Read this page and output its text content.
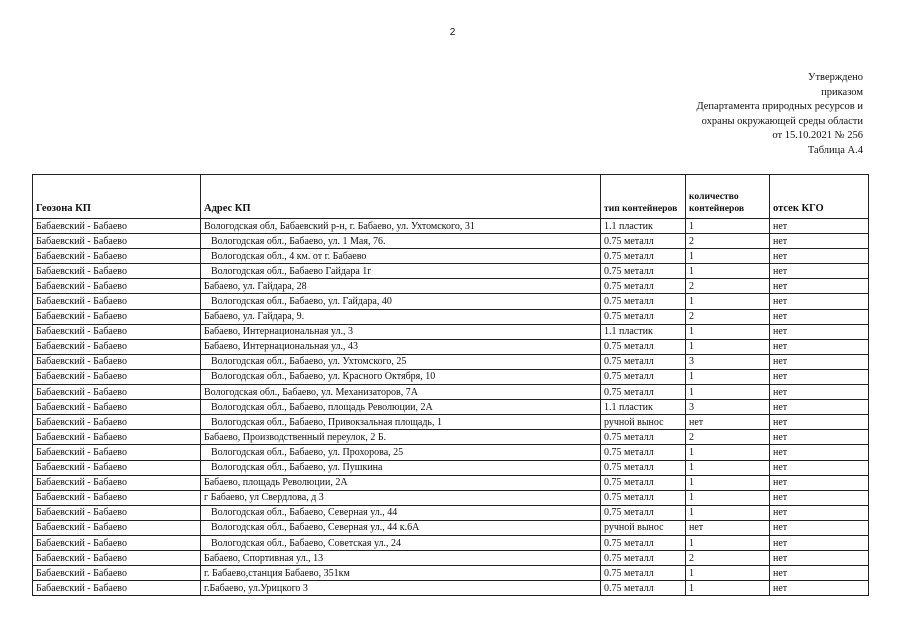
2
Утверждено
приказом
Департамента природных ресурсов и
охраны окружающей среды области
от 15.10.2021 № 256
Таблица А.4
Геозона КП	Адрес КП	тип контейнеров	количество контейнеров	отсек КГО
Бабаевский - Бабаево	Вологодская обл, Бабаевский р-н, г. Бабаево, ул. Ухтомского, 31	1.1 пластик	1	нет
Бабаевский - Бабаево	Вологодская обл., Бабаево, ул. 1 Мая, 76.	0.75 металл	2	нет
Бабаевский - Бабаево	Вологодская обл., 4 км. от г. Бабаево	0.75 металл	1	нет
Бабаевский - Бабаево	Вологодская обл., Бабаево Гайдара 1г	0.75 металл	1	нет
Бабаевский - Бабаево	Бабаево, ул. Гайдара, 28	0.75 металл	2	нет
Бабаевский - Бабаево	Вологодская обл., Бабаево, ул. Гайдара, 40	0.75 металл	1	нет
Бабаевский - Бабаево	Бабаево, ул. Гайдара, 9.	0.75 металл	2	нет
Бабаевский - Бабаево	Бабаево, Интернациональная ул., 3	1.1 пластик	1	нет
Бабаевский - Бабаево	Бабаево, Интернациональная ул., 43	0.75 металл	1	нет
Бабаевский - Бабаево	Вологодская обл., Бабаево, ул. Ухтомского, 25	0.75 металл	3	нет
Бабаевский - Бабаево	Вологодская обл., Бабаево, ул. Красного Октября, 10	0.75 металл	1	нет
Бабаевский - Бабаево	Вологодская обл., Бабаево, ул. Механизаторов, 7А	0.75 металл	1	нет
Бабаевский - Бабаево	Вологодская обл., Бабаево, площадь Революции, 2А	1.1 пластик	3	нет
Бабаевский - Бабаево	Вологодская обл., Бабаево, Привокзальная площадь, 1	ручной вынос	нет	нет
Бабаевский - Бабаево	Бабаево, Производственный переулок, 2 Б.	0.75 металл	2	нет
Бабаевский - Бабаево	Вологодская обл., Бабаево, ул. Прохорова, 25	0.75 металл	1	нет
Бабаевский - Бабаево	Вологодская обл., Бабаево, ул. Пушкина	0.75 металл	1	нет
Бабаевский - Бабаево	Бабаево, площадь Революции, 2А	0.75 металл	1	нет
Бабаевский - Бабаево	г Бабаево, ул Свердлова, д 3	0.75 металл	1	нет
Бабаевский - Бабаево	Вологодская обл., Бабаево, Северная ул., 44	0.75 металл	1	нет
Бабаевский - Бабаево	Вологодская обл., Бабаево, Северная ул., 44 к.6А	ручной вынос	нет	нет
Бабаевский - Бабаево	Вологодская обл., Бабаево, Советская ул., 24	0.75 металл	1	нет
Бабаевский - Бабаево	Бабаево, Спортивная ул., 13	0.75 металл	2	нет
Бабаевский - Бабаево	г. Бабаево,станция Бабаево, 351км	0.75 металл	1	нет
Бабаевский - Бабаево	г.Бабаево, ул.Урицкого 3	0.75 металл	1	нет
